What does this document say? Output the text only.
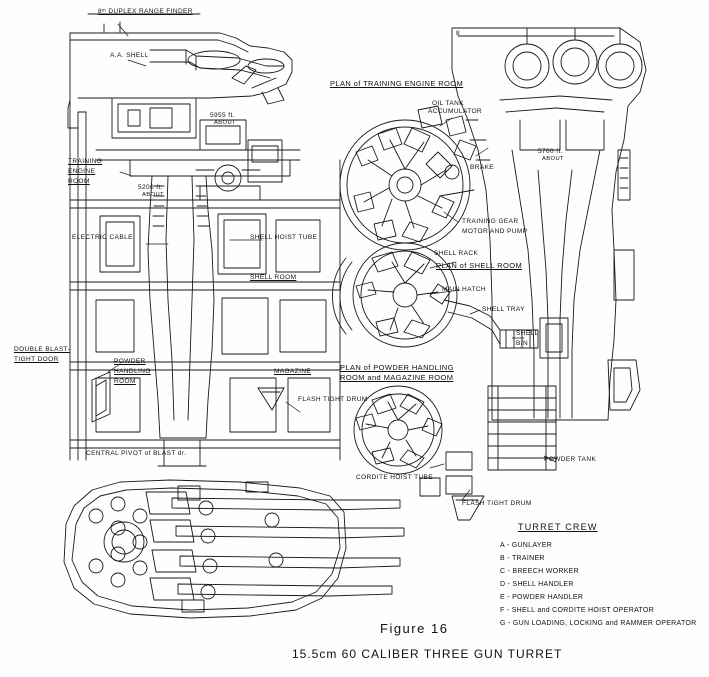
8ᵐ DUPLEX RANGE FINDER
A.A. SHELL
TRAINING
ENGINE
ROOM
5955 ft.
ABOUT
5200 ft.
ABOUT
5700 ft.
ABOUT
8
ELECTRIC CABLE
SHELL ROOM
SHELL HOIST TUBE
DOUBLE BLAST-
TIGHT DOOR	POWDER
HANDLING
ROOM
MAGAZINE
FLASH TIGHT DRUM
CENTRAL PIVOT of BLAST dr.
PLAN of TRAINING ENGINE ROOM
OIL TANK
ACCUMULATOR
BRAKE
TRAINING GEAR
MOTOR AND PUMP
SHELL RACK
PLAN of SHELL ROOM
MAIN HATCH
SHELL TRAY
SHELL
BIN
PLAN of POWDER HANDLING
ROOM and MAGAZINE ROOM
CORDITE HOIST TUBE
FLASH TIGHT DRUM
POWDER TANK
TURRET CREW
A - GUNLAYER
B - TRAINER
C - BREECH WORKER
D - SHELL HANDLER
E - POWDER HANDLER
F - SHELL and CORDITE HOIST OPERATOR
G - GUN LOADING, LOCKING and RAMMER OPERATOR
Figure 16
15.5cm 60 CALIBER THREE GUN TURRET
